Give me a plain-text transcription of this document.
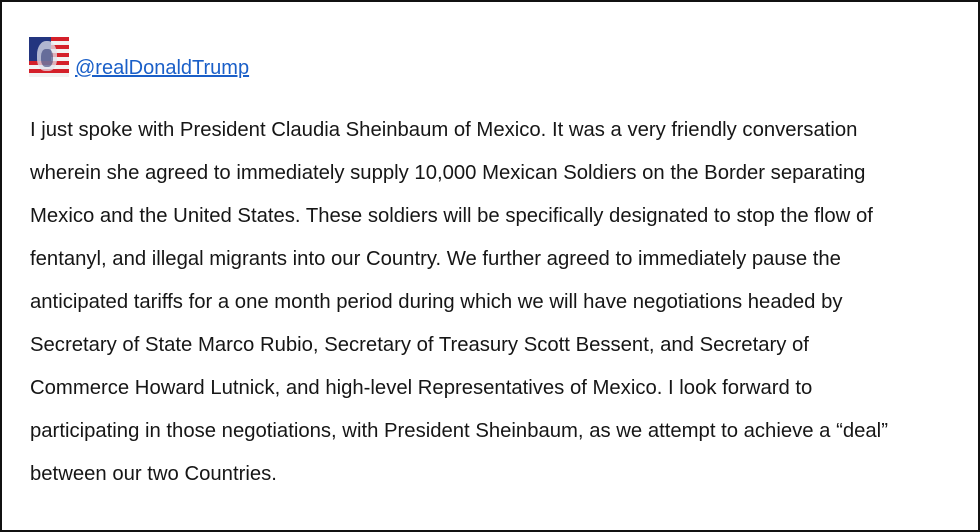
@realDonaldTrump

I just spoke with President Claudia Sheinbaum of Mexico. It was a very friendly conversation
wherein she agreed to immediately supply 10,000 Mexican Soldiers on the Border separating
Mexico and the United States. These soldiers will be specifically designated to stop the flow of
fentanyl, and illegal migrants into our Country. We further agreed to immediately pause the
anticipated tariffs for a one month period during which we will have negotiations headed by
Secretary of State Marco Rubio, Secretary of Treasury Scott Bessent, and Secretary of
Commerce Howard Lutnick, and high-level Representatives of Mexico. I look forward to
participating in those negotiations, with President Sheinbaum, as we attempt to achieve a “deal”
between our two Countries.
